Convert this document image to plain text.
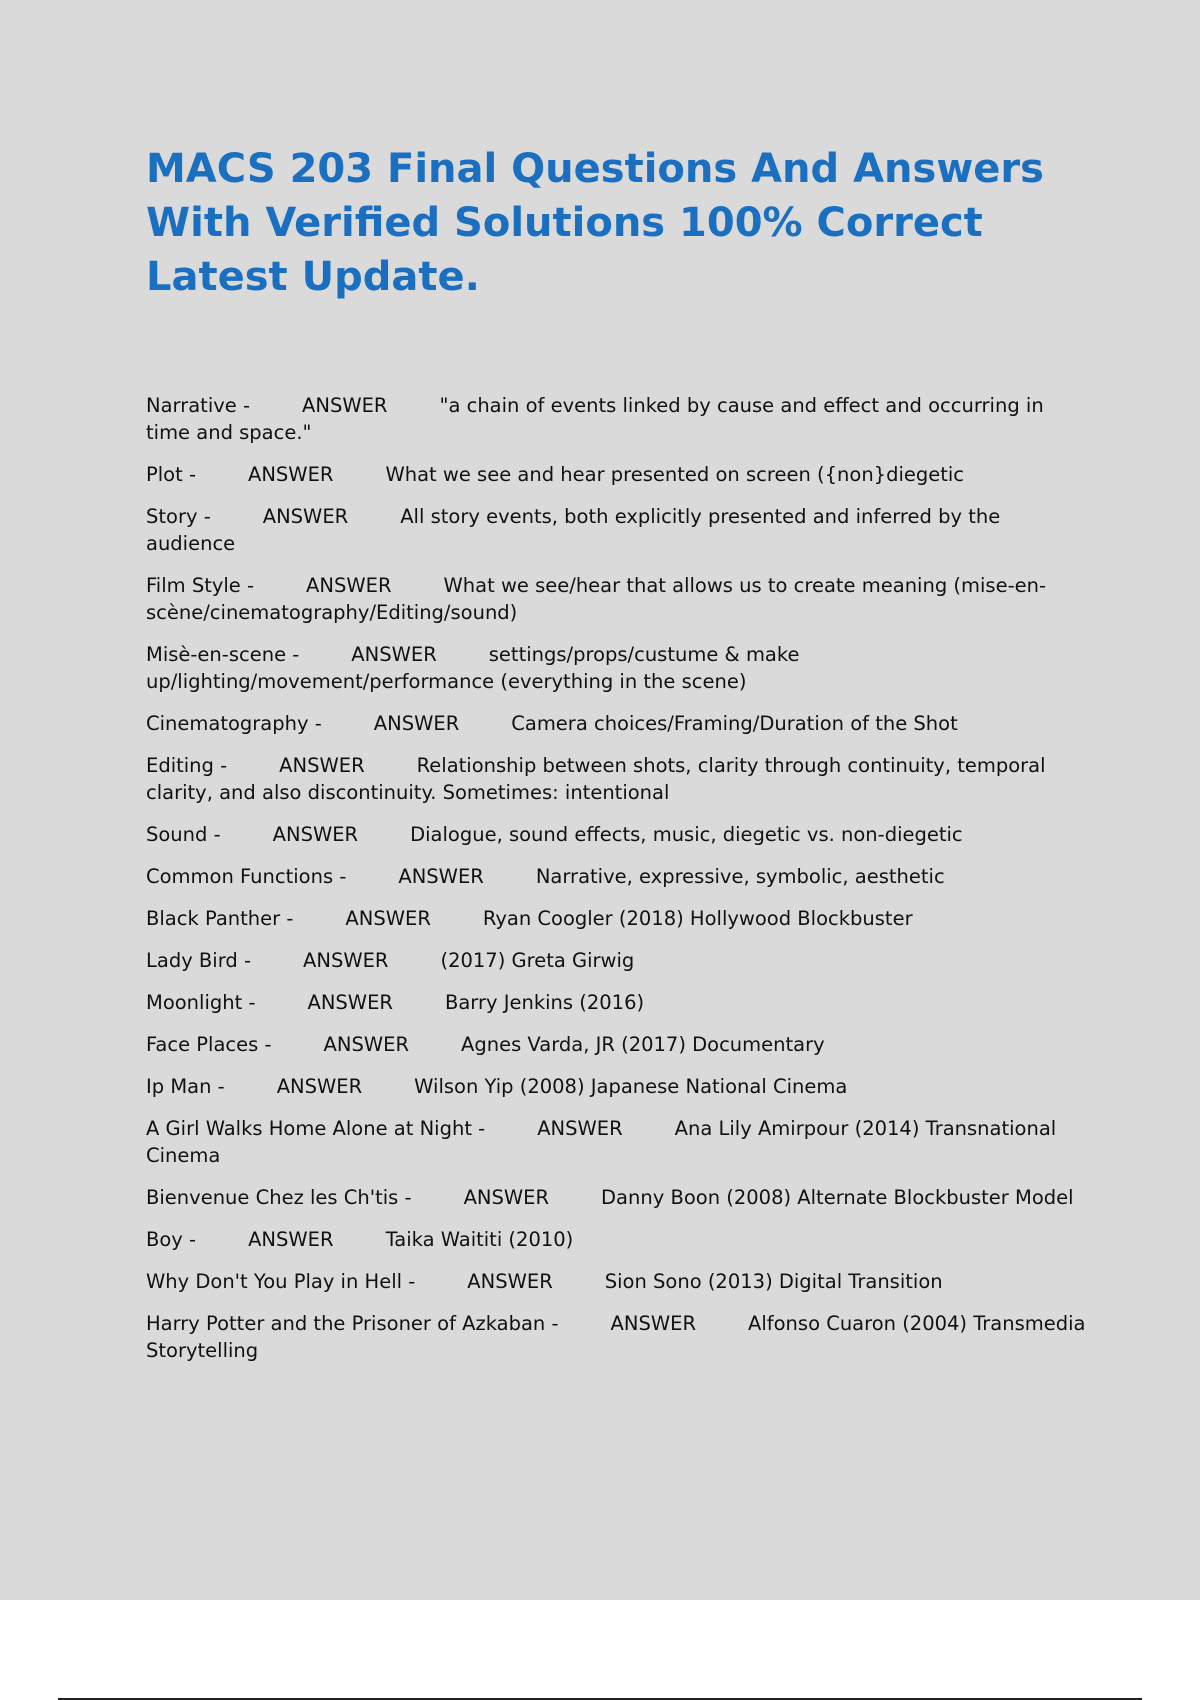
MACS 203 Final Questions And Answers With Verified Solutions 100% Correct Latest Update.

Narrative -	ANSWER	"a chain of events linked by cause and effect and occurring in time and space."

Plot -	ANSWER	What we see and hear presented on screen ({non}diegetic

Story -	ANSWER	All story events, both explicitly presented and inferred by the audience

Film Style -	ANSWER	What we see/hear that allows us to create meaning (mise-en-scène/cinematography/Editing/sound)

Misè-en-scene -	ANSWER	settings/props/custume & make up/lighting/movement/performance (everything in the scene)

Cinematography -	ANSWER	Camera choices/Framing/Duration of the Shot

Editing -	ANSWER	Relationship between shots, clarity through continuity, temporal clarity, and also discontinuity. Sometimes: intentional

Sound -	ANSWER	Dialogue, sound effects, music, diegetic vs. non-diegetic

Common Functions -	ANSWER	Narrative, expressive, symbolic, aesthetic

Black Panther -	ANSWER	Ryan Coogler (2018) Hollywood Blockbuster

Lady Bird -	ANSWER	(2017) Greta Girwig

Moonlight -	ANSWER	Barry Jenkins (2016)

Face Places -	ANSWER	Agnes Varda, JR (2017) Documentary

Ip Man -	ANSWER	Wilson Yip (2008) Japanese National Cinema

A Girl Walks Home Alone at Night -	ANSWER	Ana Lily Amirpour (2014) Transnational Cinema

Bienvenue Chez les Ch'tis -	ANSWER	Danny Boon (2008) Alternate Blockbuster Model

Boy -	ANSWER	Taika Waititi (2010)

Why Don't You Play in Hell -	ANSWER	Sion Sono (2013) Digital Transition

Harry Potter and the Prisoner of Azkaban -	ANSWER	Alfonso Cuaron (2004) Transmedia Storytelling
